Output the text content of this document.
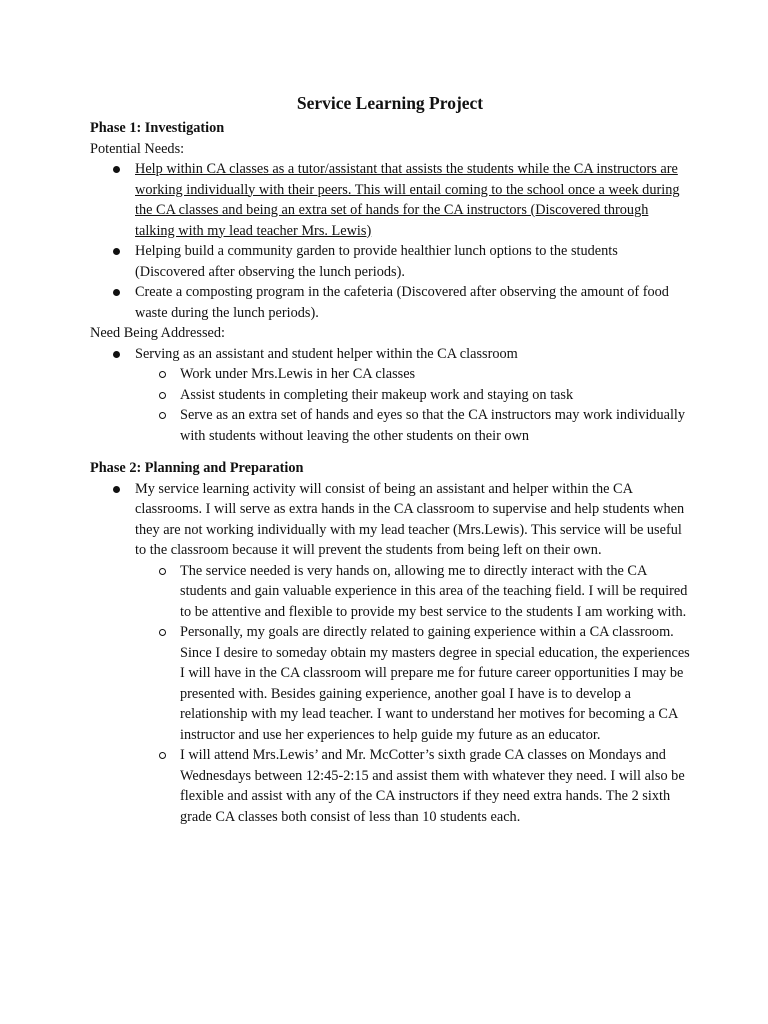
Service Learning Project
Phase 1: Investigation
Potential Needs:
Help within CA classes as a tutor/assistant that assists the students while the CA instructors are working individually with their peers. This will entail coming to the school once a week during the CA classes and being an extra set of hands for the CA instructors (Discovered through talking with my lead teacher Mrs. Lewis)
Helping build a community garden to provide healthier lunch options to the students (Discovered after observing the lunch periods).
Create a composting program in the cafeteria (Discovered after observing the amount of food waste during the lunch periods).
Need Being Addressed:
Serving as an assistant and student helper within the CA classroom
Work under Mrs.Lewis in her CA classes
Assist students in completing their makeup work and staying on task
Serve as an extra set of hands and eyes so that the CA instructors may work individually with students without leaving the other students on their own
Phase 2: Planning and Preparation
My service learning activity will consist of being an assistant and helper within the CA classrooms. I will serve as extra hands in the CA classroom to supervise and help students when they are not working individually with my lead teacher (Mrs.Lewis). This service will be useful to the classroom because it will prevent the students from being left on their own.
The service needed is very hands on, allowing me to directly interact with the CA students and gain valuable experience in this area of the teaching field. I will be required to be attentive and flexible to provide my best service to the students I am working with.
Personally, my goals are directly related to gaining experience within a CA classroom. Since I desire to someday obtain my masters degree in special education, the experiences I will have in the CA classroom will prepare me for future career opportunities I may be presented with. Besides gaining experience, another goal I have is to develop a relationship with my lead teacher. I want to understand her motives for becoming a CA instructor and use her experiences to help guide my future as an educator.
I will attend Mrs.Lewis’ and Mr. McCotter’s sixth grade CA classes on Mondays and Wednesdays between 12:45-2:15 and assist them with whatever they need. I will also be flexible and assist with any of the CA instructors if they need extra hands. The 2 sixth grade CA classes both consist of less than 10 students each.
